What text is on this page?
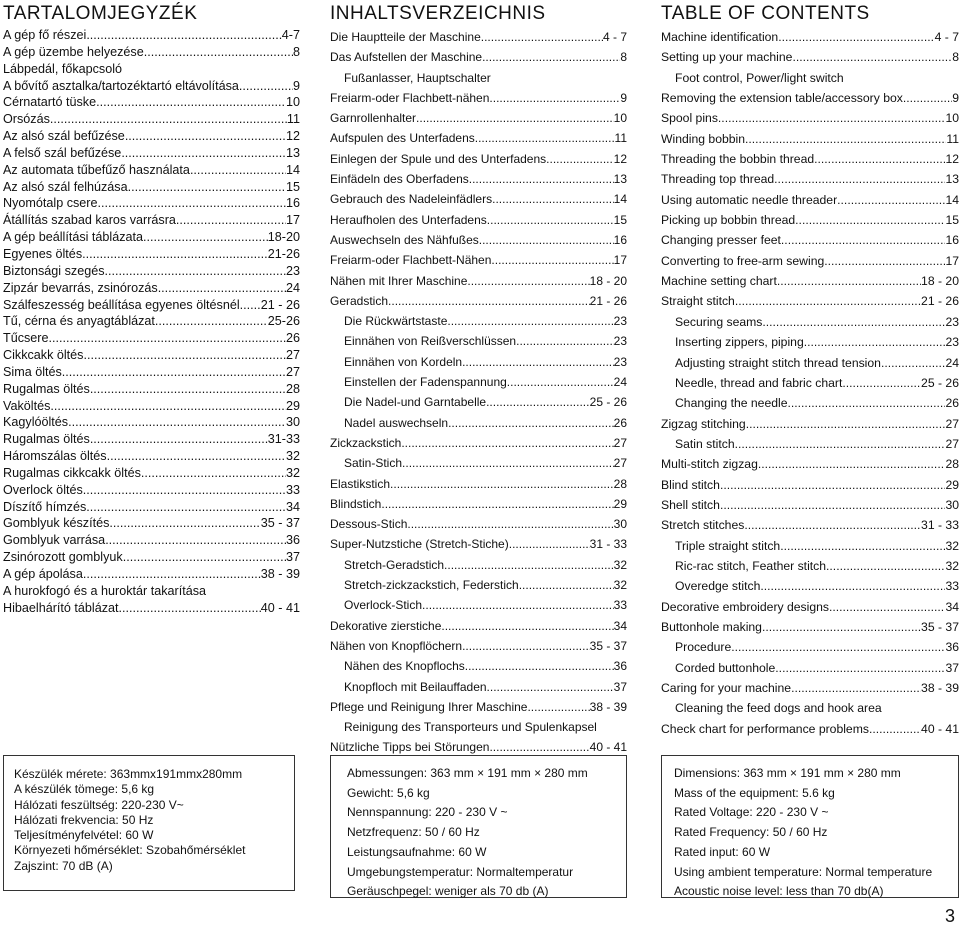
TARTALOMJEGYZÉK
A gép fő részei .....	4-7
A gép üzembe helyezése .....	8
Lábpedál, főkapcsoló
A bővítő asztalka/tartozéktartó eltávolítása .....	9
Cérnatartó tüske .....	10
Orsózás .....	11
Az alsó szál befűzése .....	12
A felső szál befűzése .....	13
Az automata tűbefűző használata .....	14
Az alsó szál felhúzása .....	15
Nyomótalp csere .....	16
Átállítás szabad karos varrásra .....	17
A gép beállítási táblázata .....	18-20
Egyenes öltés .....	21-26
Biztonsági szegés .....	23
Zipzár bevarrás, zsinórozás .....	24
Szálfeszesség beállítása egyenes öltésnél ..... 21 - 26
Tű, cérna és anyagtáblázat .....	25-26
Tűcsere .....	26
Cikkcakk öltés .....	27
Sima öltés .....	27
Rugalmas öltés .....	28
Vaköltés .....	29
Kagylóöltés .....	30
Rugalmas öltés .....	31-33
Háromszálas öltés .....	32
Rugalmas cikkcakk öltés .....	32
Overlock öltés .....	33
Díszítő hímzés .....	34
Gomblyuk készítés .....	35 - 37
Gomblyuk varrása .....	36
Zsinórozott gomblyuk .....	37
A gép ápolása .....	38 - 39
A hurokfogó és a huroktár takarítása
Hibaelhárító táblázat .....	40 - 41
INHALTSVERZEICHNIS
Die Hauptteile der Maschine .....	4 - 7
Das Aufstellen der Maschine .....	8
Fußanlasser, Hauptschalter
Freiarm-oder Flachbett-nähen .....	9
Garnrollenhalter .....	10
Aufspulen des Unterfadens .....	11
Einlegen der Spule und des Unterfadens .....	12
Einfädeln des Oberfadens .....	13
Gebrauch des Nadeleinfädlers .....	14
Heraufholen des Unterfadens .....	15
Auswechseln des Nähfußes .....	16
Freiarm-oder Flachbett-Nähen .....	17
Nähen mit Ihrer Maschine .....	18 - 20
Geradstich .....	21 - 26
Die Rückwärtstaste .....	23
Einnähen von Reißverschlüssen .....	23
Einnähen von Kordeln .....	23
Einstellen der Fadenspannung .....	24
Die Nadel-und Garntabelle .....	25 - 26
Nadel auswechseln .....	26
Zickzackstich .....	27
Satin-Stich .....	27
Elastikstich .....	28
Blindstich .....	29
Dessous-Stich .....	30
Super-Nutzstiche (Stretch-Stiche) .....	31 - 33
Stretch-Geradstich .....	32
Stretch-zickzackstich, Federstich .....	32
Overlock-Stich .....	33
Dekorative zierstiche .....	34
Nähen von Knopflöchern .....	35 - 37
Nähen des Knopflochs .....	36
Knopfloch mit Beilauffaden .....	37
Pflege und Reinigung Ihrer Maschine .....	38 - 39
Reinigung des Transporteurs und Spulenkapsel
Nützliche Tipps bei Störungen .....	40 - 41
TABLE OF CONTENTS
Machine identification .....	4 - 7
Setting up your machine .....	8
Foot control, Power/light switch
Removing the extension table/accessory box .....	9
Spool pins .....	10
Winding bobbin .....	11
Threading the bobbin thread .....	12
Threading top thread .....	13
Using automatic needle threader .....	14
Picking up bobbin thread .....	15
Changing presser feet .....	16
Converting to free-arm sewing .....	17
Machine setting chart .....	18 - 20
Straight stitch .....	21 - 26
Securing seams .....	23
Inserting zippers, piping .....	23
Adjusting straight stitch thread tension .....	24
Needle, thread and fabric chart .....	25 - 26
Changing the needle .....	26
Zigzag stitching .....	27
Satin stitch .....	27
Multi-stitch zigzag .....	28
Blind stitch .....	29
Shell stitch .....	30
Stretch stitches .....	31 - 33
Triple straight stitch .....	32
Ric-rac stitch, Feather stitch .....	32
Overedge stitch .....	33
Decorative embroidery designs .....	34
Buttonhole making .....	35 - 37
Procedure .....	36
Corded buttonhole .....	37
Caring for your machine .....	38 - 39
Cleaning the feed dogs and hook area
Check chart for performance problems .....	40 - 41
Készülék mérete: 363mmx191mmx280mm
A készülék tömege: 5,6 kg
Hálózati feszültség: 220-230 V~
Hálózati frekvencia: 50 Hz
Teljesítményfelvétel: 60 W
Környezeti hőmérséklet: Szobahőmérséklet
Zajszint: 70 dB (A)
Abmessungen: 363 mm × 191 mm × 280 mm
Gewicht: 5,6 kg
Nennspannung: 220 - 230 V ~
Netzfrequenz: 50 / 60 Hz
Leistungsaufnahme: 60 W
Umgebungstemperatur: Normaltemperatur
Geräuschpegel: weniger als 70 db (A)
Dimensions: 363 mm × 191 mm × 280 mm
Mass of the equipment: 5.6 kg
Rated Voltage: 220 - 230 V ~
Rated Frequency: 50 / 60 Hz
Rated input: 60 W
Using ambient temperature: Normal temperature
Acoustic noise level: less than 70 db(A)
3
